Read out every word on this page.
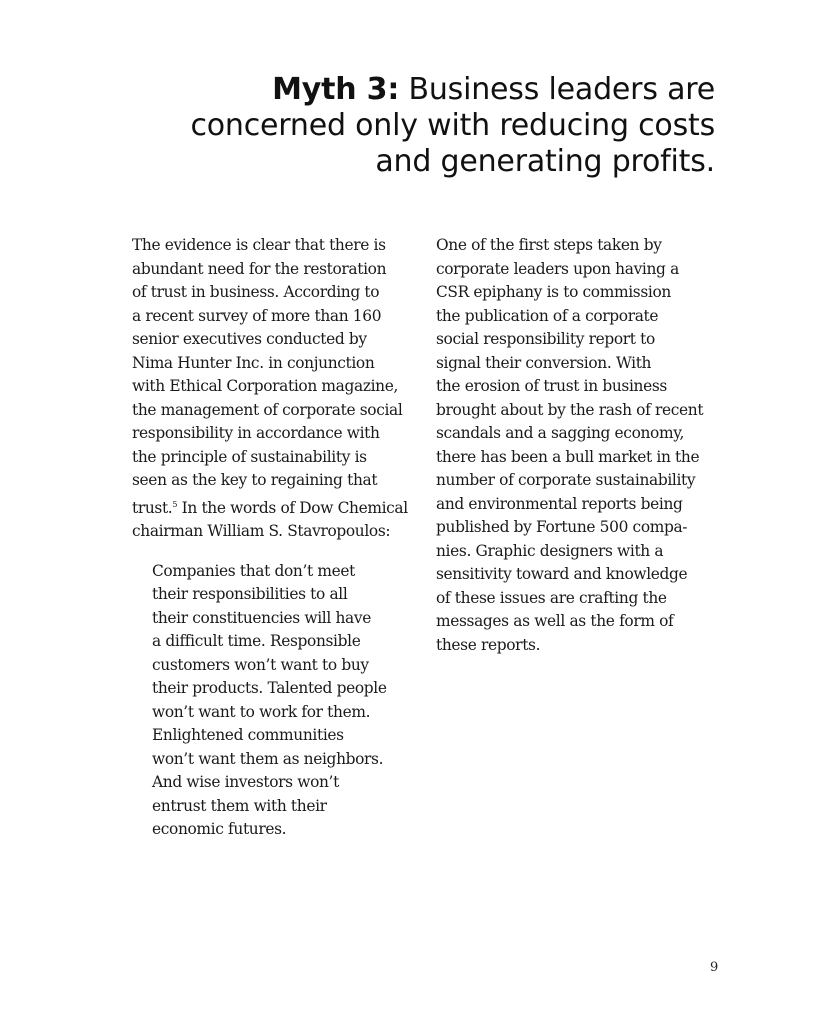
Myth 3: Business leaders are
concerned only with reducing costs
and generating profits.
The evidence is clear that there is
abundant need for the restoration
of trust in business. According to
a recent survey of more than 160
senior executives conducted by
Nima Hunter Inc. in conjunction
with Ethical Corporation magazine,
the management of corporate social
responsibility in accordance with
the principle of sustainability is
seen as the key to regaining that
trust.$^5$ In the words of Dow Chemical
chairman William S. Stavropoulos:
Companies that don’t meet
their responsibilities to all
their constituencies will have
a difficult time. Responsible
customers won’t want to buy
their products. Talented people
won’t want to work for them.
Enlightened communities
won’t want them as neighbors.
And wise investors won’t
entrust them with their
economic futures.
One of the first steps taken by
corporate leaders upon having a
CSR epiphany is to commission
the publication of a corporate
social responsibility report to
signal their conversion. With
the erosion of trust in business
brought about by the rash of recent
scandals and a sagging economy,
there has been a bull market in the
number of corporate sustainability
and environmental reports being
published by Fortune 500 compa-
nies. Graphic designers with a
sensitivity toward and knowledge
of these issues are crafting the
messages as well as the form of
these reports.
9
